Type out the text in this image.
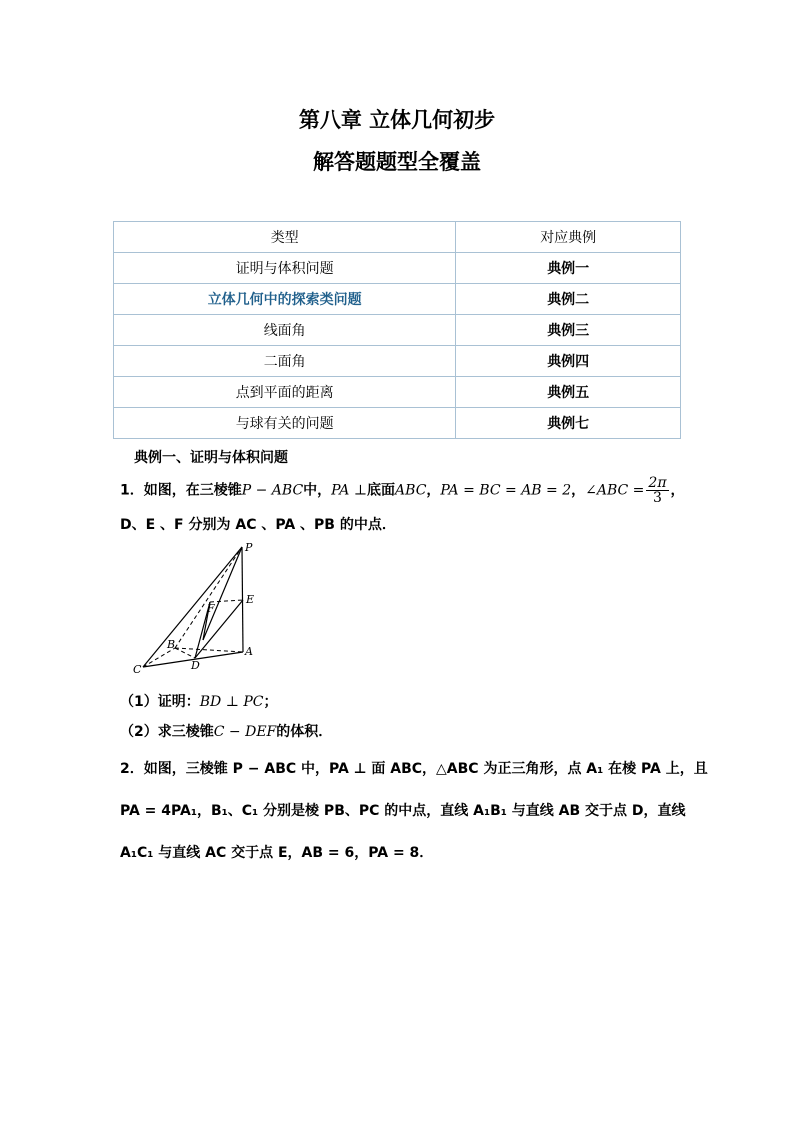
第八章 立体几何初步
解答题题型全覆盖
类型	对应典例
证明与体积问题	典例一
立体几何中的探索类问题	典例二
线面角	典例三
二面角	典例四
点到平面的距离	典例五
与球有关的问题	典例七
典例一、证明与体积问题
1．如图，在三棱锥P − ABC中，PA ⊥底面ABC，PA = BC = AB = 2，∠ABC = $\frac{2\pi}{3}$ ，
D、E 、F 分别为 AC 、PA 、PB 的中点．
P
E
F
B
D
A
C
（1）证明：BD ⊥ PC；
（2）求三棱锥C − DEF的体积．
2．如图，三棱锥 P − ABC 中，PA ⊥ 面 ABC，△ABC 为正三角形，点 A₁ 在棱 PA 上，且
PA = 4PA₁，B₁、C₁ 分别是棱 PB、PC 的中点，直线 A₁B₁ 与直线 AB 交于点 D，直线
A₁C₁ 与直线 AC 交于点 E，AB = 6，PA = 8．
